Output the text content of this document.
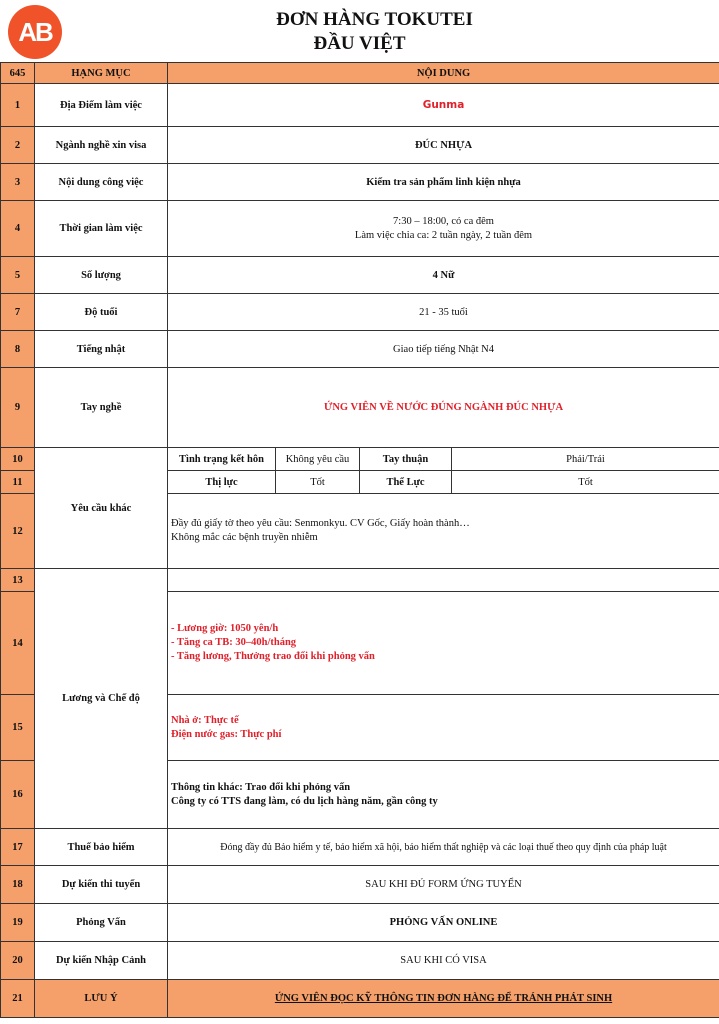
AB	ĐƠN HÀNG TOKUTEI
ĐẦU VIỆT
645	HẠNG MỤC	NỘI DUNG			
1	Địa Điểm làm việc	Gunma			
2	Ngành nghề xin visa	ĐÚC NHỰA			
3	Nội dung công việc	Kiểm tra sản phẩm linh kiện nhựa			
4	Thời gian làm việc	7:30 – 18:00, có ca đêm
Làm việc chia ca: 2 tuần ngày, 2 tuần đêm			

5	Số lượng	4 Nữ			
7	Độ tuổi	21 - 35 tuổi			
8	Tiếng nhật	Giao tiếp tiếng Nhật N4			
9	Tay nghề	ỨNG VIÊN VỀ NƯỚC ĐÚNG NGÀNH ĐÚC NHỰA			
10	Yêu cầu khác	Tình trạng kết hôn	Không yêu cầu	Tay thuận	Phải/Trái
11		Thị lực	Tốt	Thể Lực	Tốt
12		Đầy đủ giấy tờ theo yêu cầu: Senmonkyu. CV Gốc, Giấy hoàn thành…
Không mắc các bệnh truyền nhiễm			

13	Lương và Chế độ				
14		- Lương giờ: 1050 yên/h
- Tăng ca TB: 30–40h/tháng
- Tăng lương, Thưởng trao đổi khi phỏng vấn			

15		Nhà ở: Thực tế
Điện nước gas: Thực phí			

16		Thông tin khác: Trao đổi khi phỏng vấn
Công ty có TTS đang làm, có du lịch hàng năm, gần công ty			

17	Thuế bảo hiểm	Đóng đầy đủ Bảo hiểm y tế, bảo hiểm xã hội, bảo hiểm thất nghiệp và các loại thuế theo quy định của pháp luật			
18	Dự kiến thi tuyển	SAU KHI ĐỦ FORM ỨNG TUYỂN			
19	Phỏng Vấn	PHỎNG VẤN ONLINE			
20	Dự kiến Nhập Cảnh	SAU KHI CÓ VISA			
21	LƯU Ý	ỨNG VIÊN ĐỌC KỸ THÔNG TIN ĐƠN HÀNG ĐỂ TRÁNH PHÁT SINH			
